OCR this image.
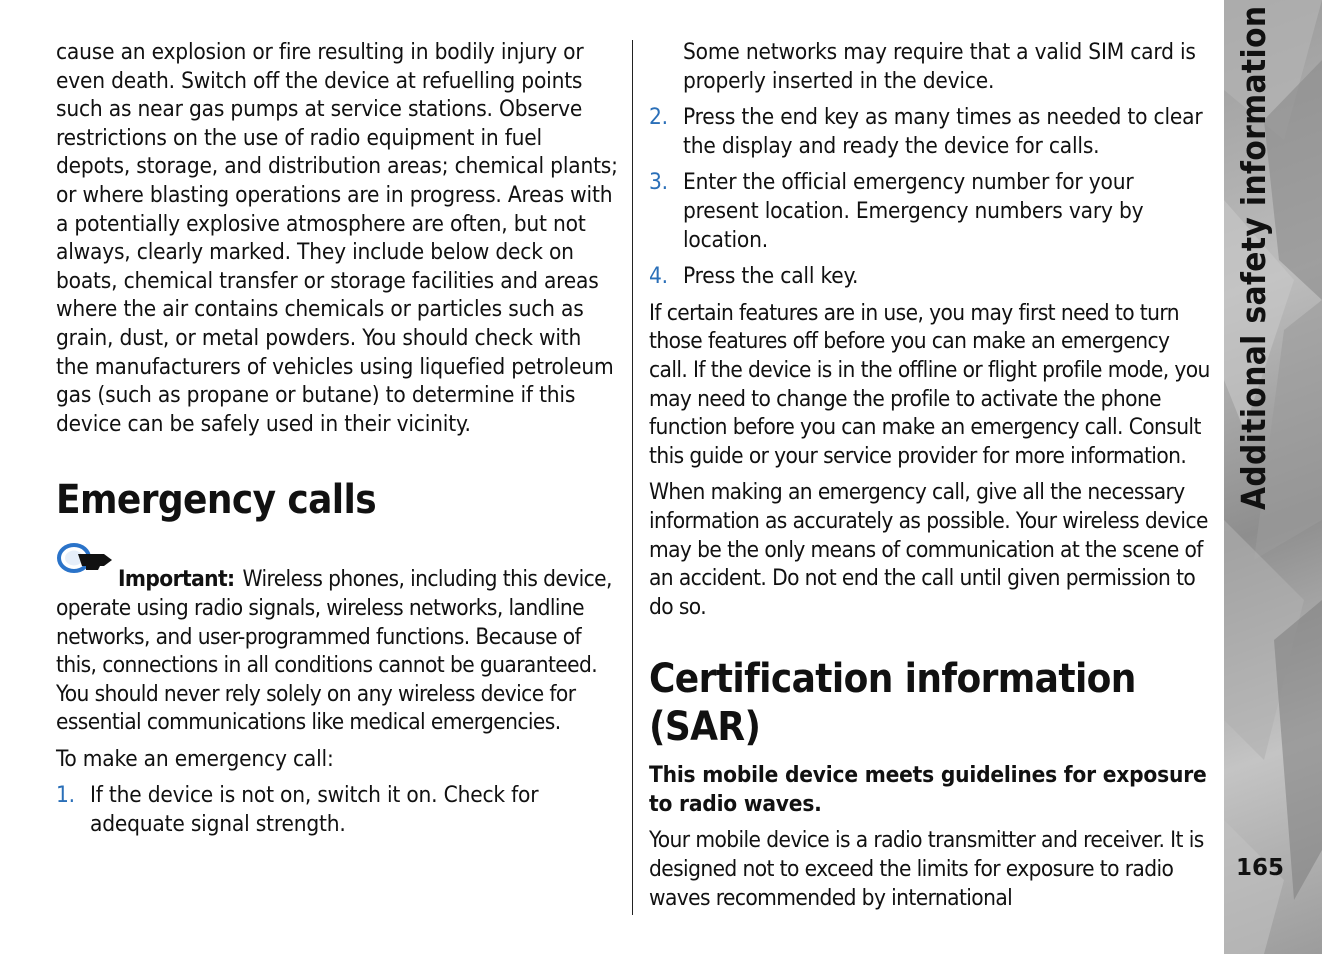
cause an explosion or fire resulting in bodily injury or even death. Switch off the device at refuelling points such as near gas pumps at service stations. Observe restrictions on the use of radio equipment in fuel depots, storage, and distribution areas; chemical plants; or where blasting operations are in progress. Areas with a potentially explosive atmosphere are often, but not always, clearly marked. They include below deck on boats, chemical transfer or storage facilities and areas where the air contains chemicals or particles such as grain, dust, or metal powders. You should check with the manufacturers of vehicles using liquefied petroleum gas (such as propane or butane) to determine if this device can be safely used in their vicinity.

Emergency calls

Important: Wireless phones, including this device, operate using radio signals, wireless networks, landline networks, and user-programmed functions. Because of this, connections in all conditions cannot be guaranteed. You should never rely solely on any wireless device for essential communications like medical emergencies.

To make an emergency call:

1. If the device is not on, switch it on. Check for adequate signal strength.

Some networks may require that a valid SIM card is properly inserted in the device.

2. Press the end key as many times as needed to clear the display and ready the device for calls.
3. Enter the official emergency number for your present location. Emergency numbers vary by location.
4. Press the call key.

If certain features are in use, you may first need to turn those features off before you can make an emergency call. If the device is in the offline or flight profile mode, you may need to change the profile to activate the phone function before you can make an emergency call. Consult this guide or your service provider for more information.

When making an emergency call, give all the necessary information as accurately as possible. Your wireless device may be the only means of communication at the scene of an accident. Do not end the call until given permission to do so.

Certification information (SAR)

This mobile device meets guidelines for exposure to radio waves.

Your mobile device is a radio transmitter and receiver. It is designed not to exceed the limits for exposure to radio waves recommended by international

Additional safety information
165
